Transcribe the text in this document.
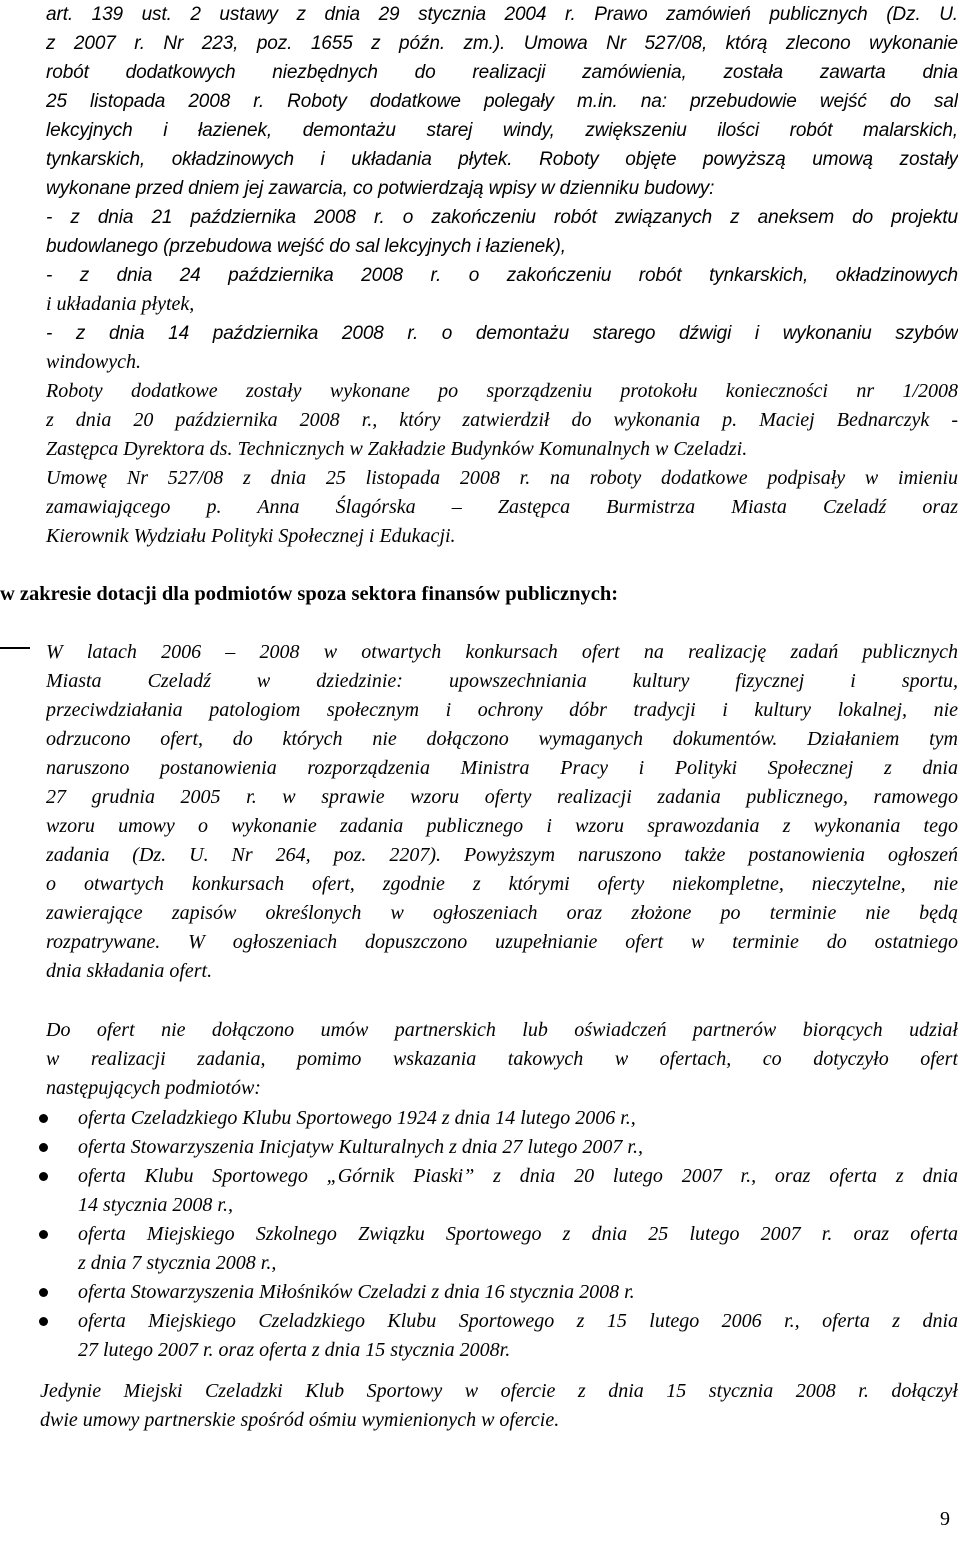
art. 139 ust. 2 ustawy z dnia 29 stycznia 2004 r. Prawo zamówień publicznych (Dz. U.
z 2007 r. Nr 223, poz. 1655 z późn. zm.). Umowa Nr 527/08, którą zlecono wykonanie
robót dodatkowych niezbędnych do realizacji zamówienia, została zawarta dnia
25 listopada 2008 r. Roboty dodatkowe polegały m.in. na: przebudowie wejść do sal
lekcyjnych i łazienek, demontażu starej windy, zwiększeniu ilości robót malarskich,
tynkarskich, okładzinowych i układania płytek. Roboty objęte powyższą umową zostały
wykonane przed dniem jej zawarcia, co potwierdzają wpisy w dzienniku budowy:
- z dnia 21 października 2008 r. o zakończeniu robót związanych z aneksem do projektu
budowlanego (przebudowa wejść do sal lekcyjnych i łazienek),
- z dnia 24 października 2008 r. o zakończeniu robót tynkarskich, okładzinowych
i układania płytek,
- z dnia 14 października 2008 r. o demontażu starego dźwigi i wykonaniu szybów
windowych.
Roboty dodatkowe zostały wykonane po sporządzeniu protokołu konieczności nr 1/2008
z dnia 20 października 2008 r., który zatwierdził do wykonania p. Maciej Bednarczyk -
Zastępca Dyrektora ds. Technicznych w Zakładzie Budynków Komunalnych w Czeladzi.
Umowę Nr 527/08 z dnia 25 listopada 2008 r. na roboty dodatkowe podpisały w imieniu
zamawiającego p. Anna Ślagórska – Zastępca Burmistrza Miasta Czeladź oraz
Kierownik Wydziału Polityki Społecznej i Edukacji.
w zakresie dotacji dla podmiotów spoza sektora finansów publicznych:
W latach 2006 – 2008 w otwartych konkursach ofert na realizację zadań publicznych
Miasta Czeladź w dziedzinie: upowszechniania kultury fizycznej i sportu,
przeciwdziałania patologiom społecznym i ochrony dóbr tradycji i kultury lokalnej, nie
odrzucono ofert, do których nie dołączono wymaganych dokumentów. Działaniem tym
naruszono postanowienia rozporządzenia Ministra Pracy i Polityki Społecznej z dnia
27 grudnia 2005 r. w sprawie wzoru oferty realizacji zadania publicznego, ramowego
wzoru umowy o wykonanie zadania publicznego i wzoru sprawozdania z wykonania tego
zadania (Dz. U. Nr 264, poz. 2207). Powyższym naruszono także postanowienia ogłoszeń
o otwartych konkursach ofert, zgodnie z którymi oferty niekompletne, nieczytelne, nie
zawierające zapisów określonych w ogłoszeniach oraz złożone po terminie nie będą
rozpatrywane. W ogłoszeniach dopuszczono uzupełnianie ofert w terminie do ostatniego
dnia składania ofert.
Do ofert nie dołączono umów partnerskich lub oświadczeń partnerów biorących udział
w realizacji zadania, pomimo wskazania takowych w ofertach, co dotyczyło ofert
następujących podmiotów:
oferta Czeladzkiego Klubu Sportowego 1924 z dnia 14 lutego 2006 r.,
oferta Stowarzyszenia Inicjatyw Kulturalnych z dnia 27 lutego 2007 r.,
oferta Klubu Sportowego „Górnik Piaski” z dnia 20 lutego 2007 r., oraz oferta z dnia
14 stycznia 2008 r.,
oferta Miejskiego Szkolnego Związku Sportowego z dnia 25 lutego 2007 r. oraz oferta
z dnia 7 stycznia 2008 r.,
oferta Stowarzyszenia Miłośników Czeladzi z dnia 16 stycznia 2008 r.
oferta Miejskiego Czeladzkiego Klubu Sportowego z 15 lutego 2006 r., oferta z dnia
27 lutego 2007 r. oraz oferta z dnia 15 stycznia 2008r.
Jedynie Miejski Czeladzki Klub Sportowy w ofercie z dnia 15 stycznia 2008 r. dołączył
dwie umowy partnerskie spośród ośmiu wymienionych w ofercie.
9
